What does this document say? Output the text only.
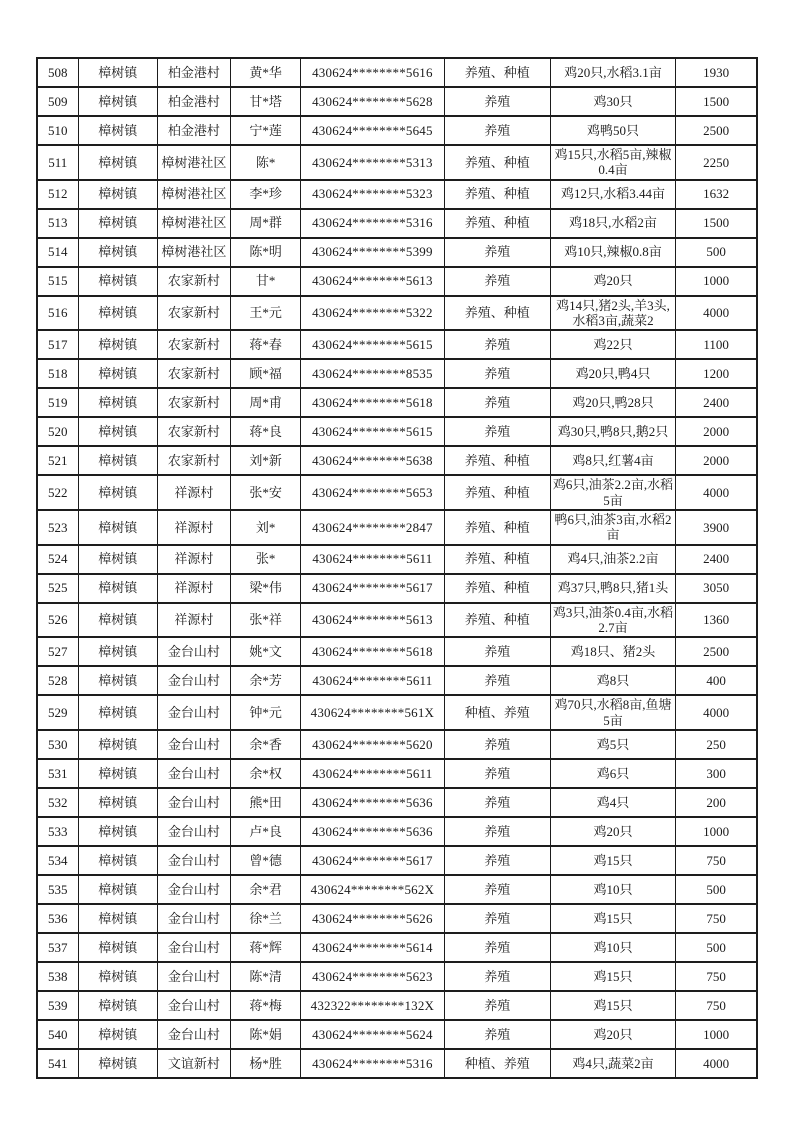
508	樟树镇	柏金港村	黄*华	430624********5616	养殖、种植	鸡20只,水稻3.1亩	1930
509	樟树镇	柏金港村	甘*塔	430624********5628	养殖	鸡30只	1500
510	樟树镇	柏金港村	宁*莲	430624********5645	养殖	鸡鸭50只	2500
511	樟树镇	樟树港社区	陈*	430624********5313	养殖、种植	鸡15只,水稻5亩,辣椒0.4亩	2250
512	樟树镇	樟树港社区	李*珍	430624********5323	养殖、种植	鸡12只,水稻3.44亩	1632
513	樟树镇	樟树港社区	周*群	430624********5316	养殖、种植	鸡18只,水稻2亩	1500
514	樟树镇	樟树港社区	陈*明	430624********5399	养殖	鸡10只,辣椒0.8亩	500
515	樟树镇	农家新村	甘*	430624********5613	养殖	鸡20只	1000
516	樟树镇	农家新村	王*元	430624********5322	养殖、种植	鸡14只,猪2头,羊3头,水稻3亩,蔬菜2	4000
517	樟树镇	农家新村	蒋*春	430624********5615	养殖	鸡22只	1100
518	樟树镇	农家新村	顾*福	430624********8535	养殖	鸡20只,鸭4只	1200
519	樟树镇	农家新村	周*甫	430624********5618	养殖	鸡20只,鸭28只	2400
520	樟树镇	农家新村	蒋*良	430624********5615	养殖	鸡30只,鸭8只,鹅2只	2000
521	樟树镇	农家新村	刘*新	430624********5638	养殖、种植	鸡8只,红薯4亩	2000
522	樟树镇	祥源村	张*安	430624********5653	养殖、种植	鸡6只,油茶2.2亩,水稻5亩	4000
523	樟树镇	祥源村	刘*	430624********2847	养殖、种植	鸭6只,油茶3亩,水稻2亩	3900
524	樟树镇	祥源村	张*	430624********5611	养殖、种植	鸡4只,油茶2.2亩	2400
525	樟树镇	祥源村	梁*伟	430624********5617	养殖、种植	鸡37只,鸭8只,猪1头	3050
526	樟树镇	祥源村	张*祥	430624********5613	养殖、种植	鸡3只,油茶0.4亩,水稻2.7亩	1360
527	樟树镇	金台山村	姚*文	430624********5618	养殖	鸡18只、猪2头	2500
528	樟树镇	金台山村	余*芳	430624********5611	养殖	鸡8只	400
529	樟树镇	金台山村	钟*元	430624********561X	种植、养殖	鸡70只,水稻8亩,鱼塘5亩	4000
530	樟树镇	金台山村	余*香	430624********5620	养殖	鸡5只	250
531	樟树镇	金台山村	余*权	430624********5611	养殖	鸡6只	300
532	樟树镇	金台山村	熊*田	430624********5636	养殖	鸡4只	200
533	樟树镇	金台山村	卢*良	430624********5636	养殖	鸡20只	1000
534	樟树镇	金台山村	曾*德	430624********5617	养殖	鸡15只	750
535	樟树镇	金台山村	余*君	430624********562X	养殖	鸡10只	500
536	樟树镇	金台山村	徐*兰	430624********5626	养殖	鸡15只	750
537	樟树镇	金台山村	蒋*辉	430624********5614	养殖	鸡10只	500
538	樟树镇	金台山村	陈*清	430624********5623	养殖	鸡15只	750
539	樟树镇	金台山村	蒋*梅	432322********132X	养殖	鸡15只	750
540	樟树镇	金台山村	陈*娟	430624********5624	养殖	鸡20只	1000
541	樟树镇	文谊新村	杨*胜	430624********5316	种植、养殖	鸡4只,蔬菜2亩	4000
